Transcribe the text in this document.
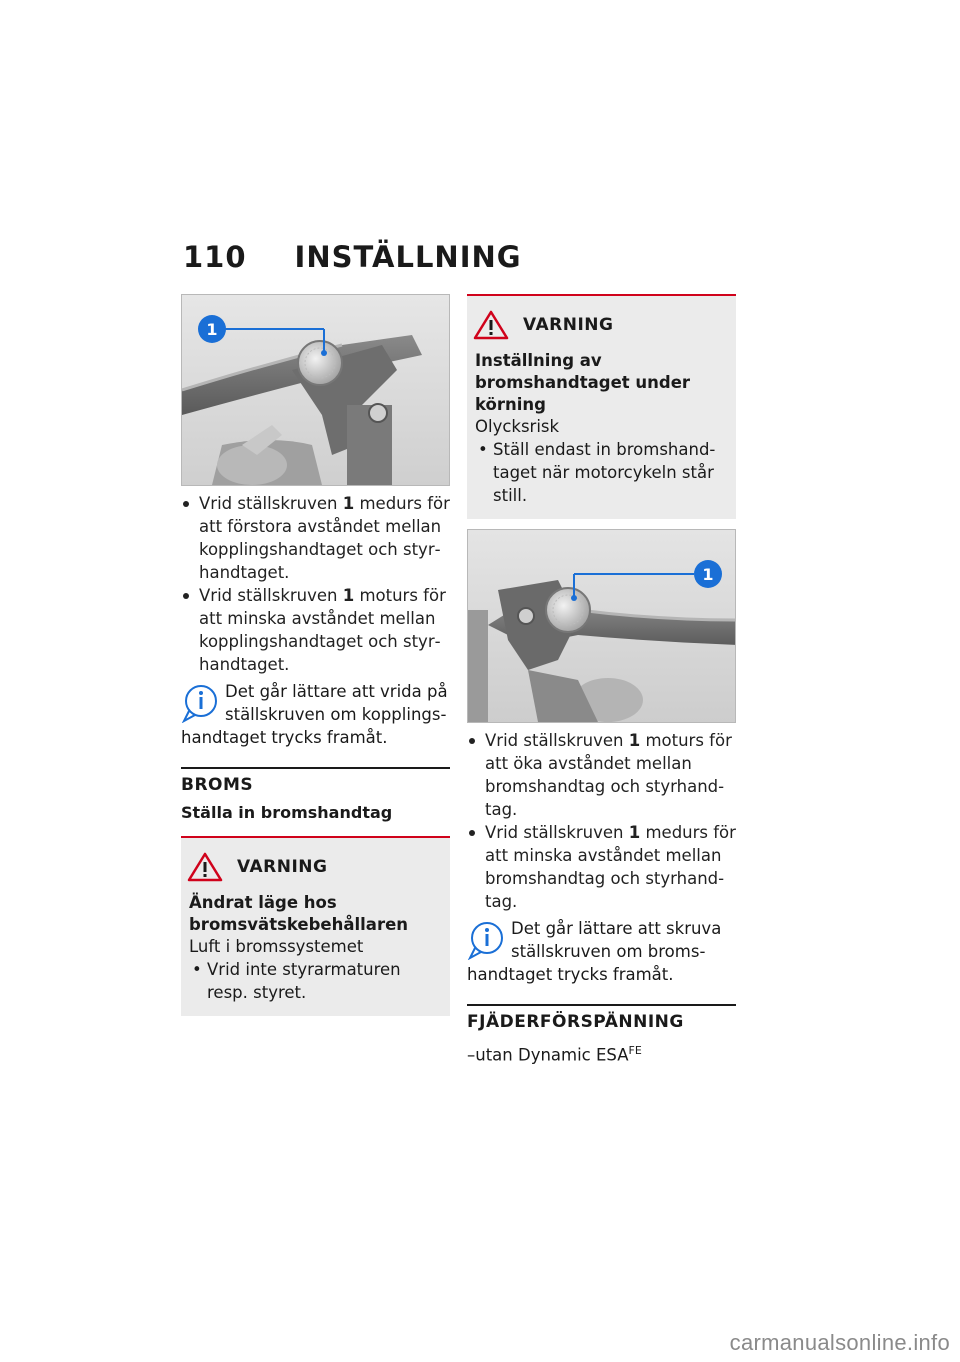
110 INSTÄLLNING
1
Vrid ställskruven 1 medurs för att förstora avståndet mellan kopplingshandtaget och styrhandtaget.
Vrid ställskruven 1 moturs för att minska avståndet mellan kopplingshandtaget och styrhandtaget.
Det går lättare att vrida på ställskruven om kopplingshandtaget trycks framåt.
BROMS
Ställa in bromshandtag
VARNING
Ändrat läge hos bromsvätskebehållaren
Luft i bromssystemet
• Vrid inte styrarmaturen resp. styret.
VARNING
Inställning av bromshandtaget under körning
Olycksrisk
• Ställ endast in bromshandtaget när motorcykeln står still.
1
Vrid ställskruven 1 moturs för att öka avståndet mellan bromshandtag och styrhandtag.
Vrid ställskruven 1 medurs för att minska avståndet mellan bromshandtag och styrhandtag.
Det går lättare att skruva ställskruven om bromshandtaget trycks framåt.
FJÄDERFÖRSPÄNNING
–utan Dynamic $ESA^{FE}$
carmanualsonline.info
